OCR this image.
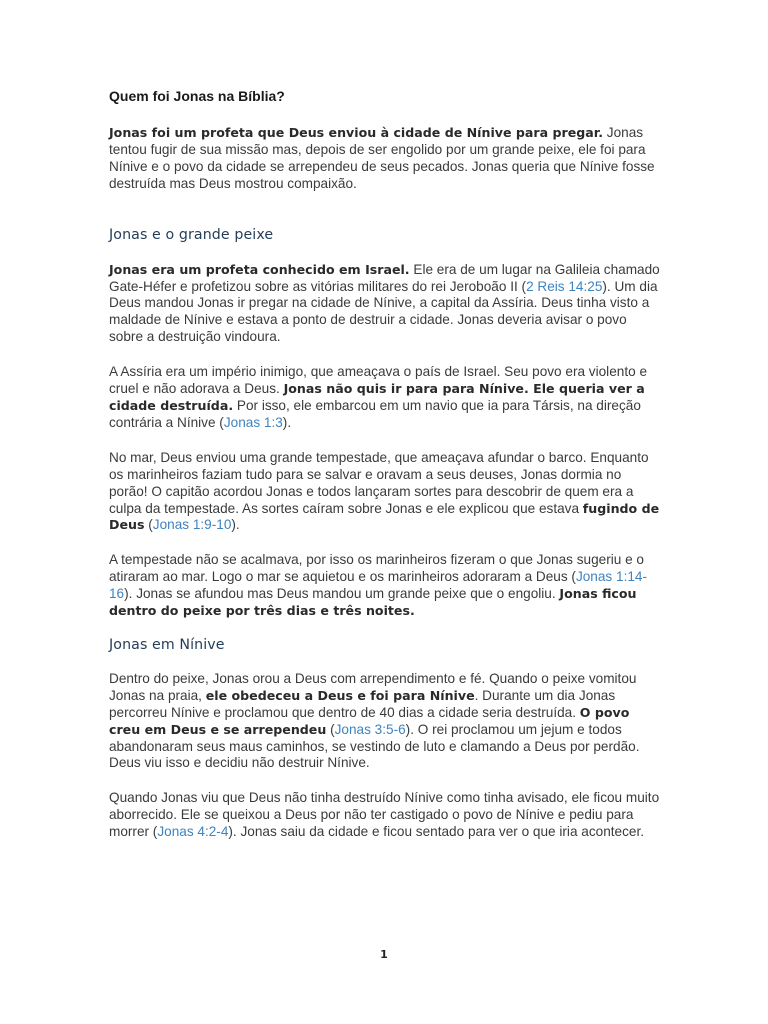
Quem foi Jonas na Bíblia?

Jonas foi um profeta que Deus enviou à cidade de Nínive para pregar. Jonas tentou fugir de sua missão mas, depois de ser engolido por um grande peixe, ele foi para Nínive e o povo da cidade se arrependeu de seus pecados. Jonas queria que Nínive fosse destruída mas Deus mostrou compaixão.

Jonas e o grande peixe

Jonas era um profeta conhecido em Israel. Ele era de um lugar na Galileia chamado Gate-Héfer e profetizou sobre as vitórias militares do rei Jeroboão II (2 Reis 14:25). Um dia Deus mandou Jonas ir pregar na cidade de Nínive, a capital da Assíria. Deus tinha visto a maldade de Nínive e estava a ponto de destruir a cidade. Jonas deveria avisar o povo sobre a destruição vindoura.

A Assíria era um império inimigo, que ameaçava o país de Israel. Seu povo era violento e cruel e não adorava a Deus. Jonas não quis ir para para Nínive. Ele queria ver a cidade destruída. Por isso, ele embarcou em um navio que ia para Társis, na direção contrária a Nínive (Jonas 1:3).

No mar, Deus enviou uma grande tempestade, que ameaçava afundar o barco. Enquanto os marinheiros faziam tudo para se salvar e oravam a seus deuses, Jonas dormia no porão! O capitão acordou Jonas e todos lançaram sortes para descobrir de quem era a culpa da tempestade. As sortes caíram sobre Jonas e ele explicou que estava fugindo de Deus (Jonas 1:9-10).

A tempestade não se acalmava, por isso os marinheiros fizeram o que Jonas sugeriu e o atiraram ao mar. Logo o mar se aquietou e os marinheiros adoraram a Deus (Jonas 1:14-16). Jonas se afundou mas Deus mandou um grande peixe que o engoliu. Jonas ficou dentro do peixe por três dias e três noites.

Jonas em Nínive

Dentro do peixe, Jonas orou a Deus com arrependimento e fé. Quando o peixe vomitou Jonas na praia, ele obedeceu a Deus e foi para Nínive. Durante um dia Jonas percorreu Nínive e proclamou que dentro de 40 dias a cidade seria destruída. O povo creu em Deus e se arrependeu (Jonas 3:5-6). O rei proclamou um jejum e todos abandonaram seus maus caminhos, se vestindo de luto e clamando a Deus por perdão. Deus viu isso e decidiu não destruir Nínive.

Quando Jonas viu que Deus não tinha destruído Nínive como tinha avisado, ele ficou muito aborrecido. Ele se queixou a Deus por não ter castigado o povo de Nínive e pediu para morrer (Jonas 4:2-4). Jonas saiu da cidade e ficou sentado para ver o que iria acontecer.

1
